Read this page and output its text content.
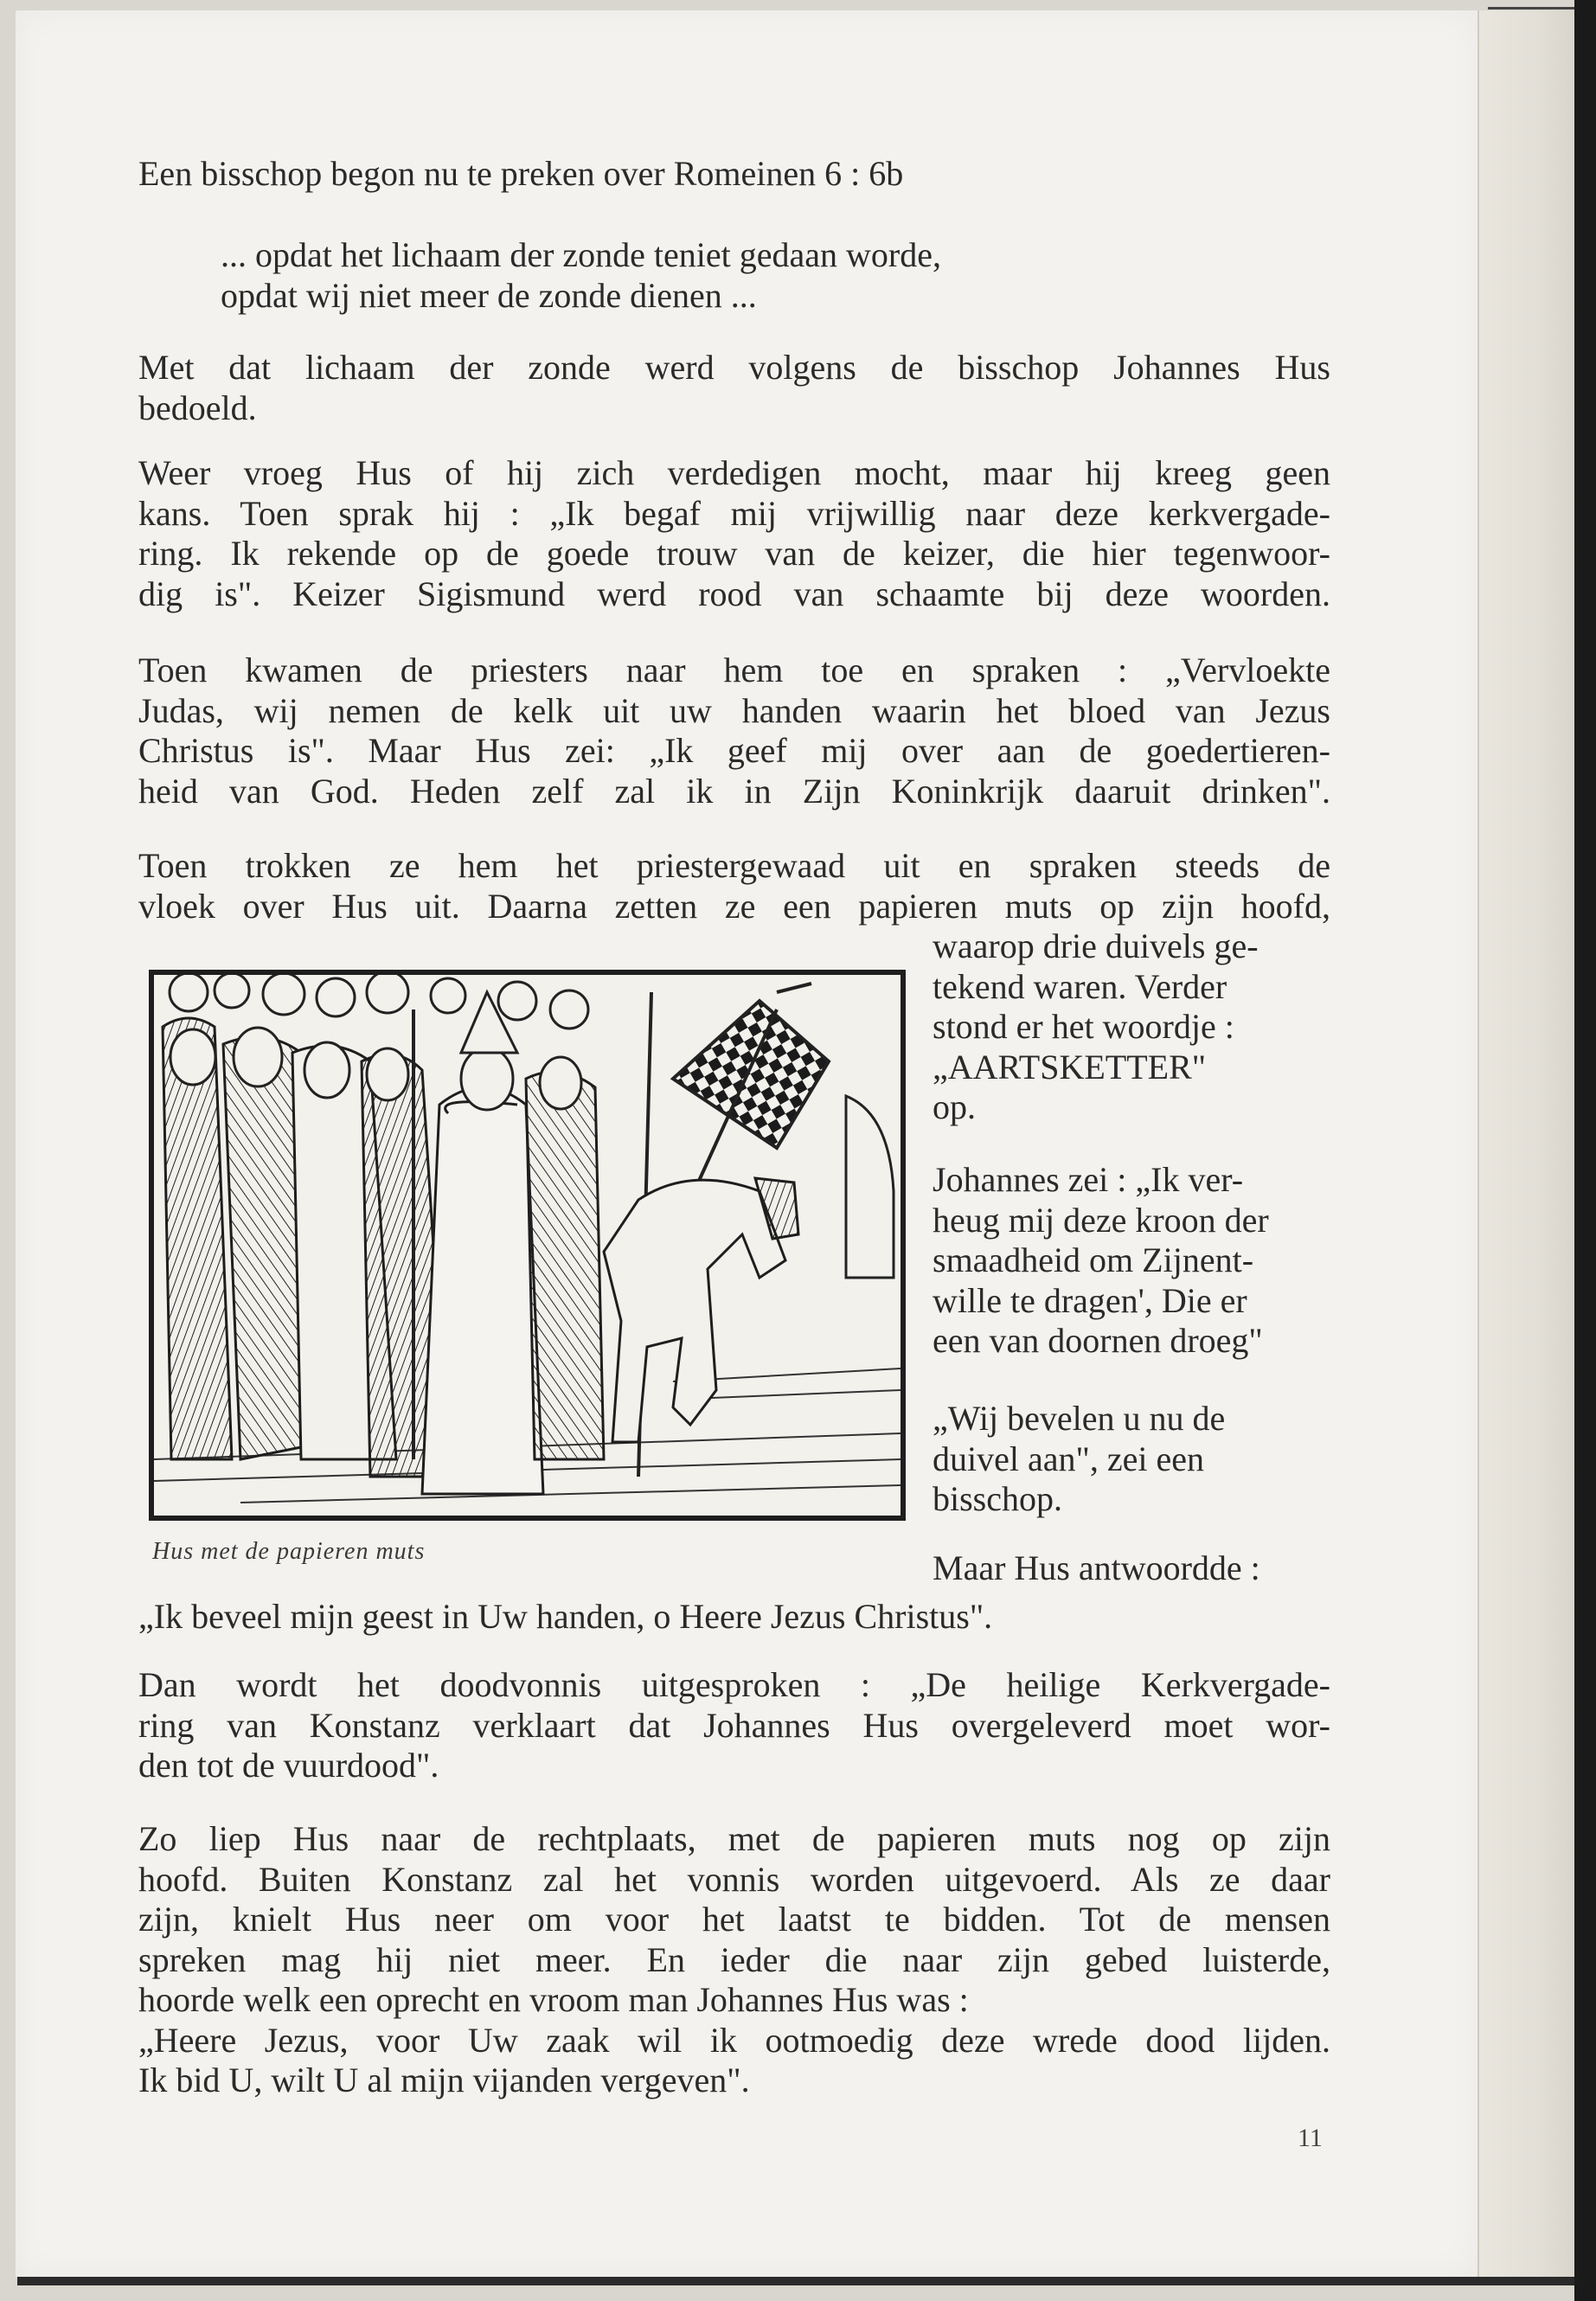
Een bisschop begon nu te preken over Romeinen 6 : 6b
... opdat het lichaam der zonde teniet gedaan worde,
opdat wij niet meer de zonde dienen ...
Met dat lichaam der zonde werd volgens de bisschop Johannes Hus
bedoeld.
Weer vroeg Hus of hij zich verdedigen mocht, maar hij kreeg geen
kans. Toen sprak hij : „Ik begaf mij vrijwillig naar deze kerkvergade-
ring. Ik rekende op de goede trouw van de keizer, die hier tegenwoor-
dig is". Keizer Sigismund werd rood van schaamte bij deze woorden.
Toen kwamen de priesters naar hem toe en spraken : „Vervloekte
Judas, wij nemen de kelk uit uw handen waarin het bloed van Jezus
Christus is". Maar Hus zei: „Ik geef mij over aan de goedertieren-
heid van God. Heden zelf zal ik in Zijn Koninkrijk daaruit drinken".
Toen trokken ze hem het priestergewaad uit en spraken steeds de
vloek over Hus uit. Daarna zetten ze een papieren muts op zijn hoofd,
waarop drie duivels ge-
tekend waren. Verder
stond er het woordje :
„AARTSKETTER"
op.
Johannes zei : „Ik ver-
heug mij deze kroon der
smaadheid om Zijnent-
wille te dragen', Die er
een van doornen droeg"
„Wij bevelen u nu de
duivel aan", zei een
bisschop.
Maar Hus antwoordde :
Hus met de papieren muts
„Ik beveel mijn geest in Uw handen, o Heere Jezus Christus".
Dan wordt het doodvonnis uitgesproken : „De heilige Kerkvergade-
ring van Konstanz verklaart dat Johannes Hus overgeleverd moet wor-
den tot de vuurdood".
Zo liep Hus naar de rechtplaats, met de papieren muts nog op zijn
hoofd. Buiten Konstanz zal het vonnis worden uitgevoerd. Als ze daar
zijn, knielt Hus neer om voor het laatst te bidden. Tot de mensen
spreken mag hij niet meer. En ieder die naar zijn gebed luisterde,
hoorde welk een oprecht en vroom man Johannes Hus was :
„Heere Jezus, voor Uw zaak wil ik ootmoedig deze wrede dood lijden.
Ik bid U, wilt U al mijn vijanden vergeven".
11
